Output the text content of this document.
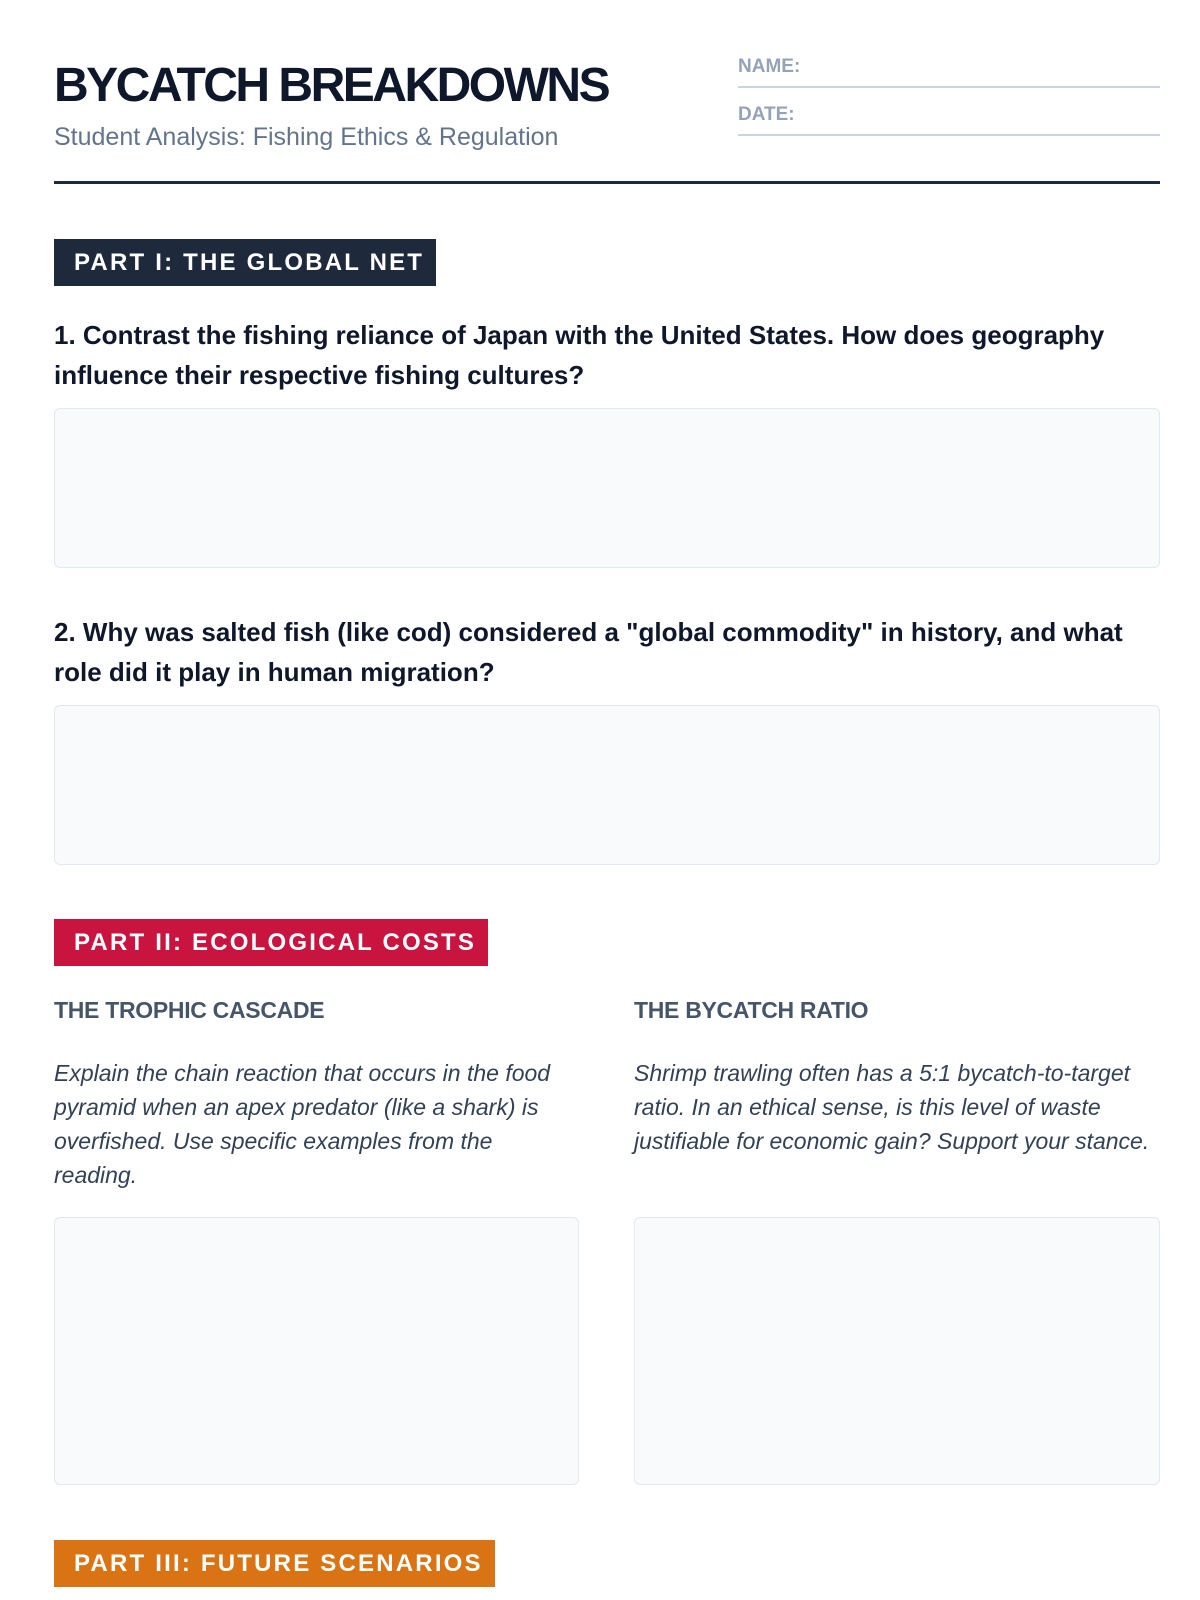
BYCATCH BREAKDOWNS
Student Analysis: Fishing Ethics & Regulation
NAME:
DATE:
PART I: THE GLOBAL NET
1. Contrast the fishing reliance of Japan with the United States. How does geography influence their respective fishing cultures?
2. Why was salted fish (like cod) considered a "global commodity" in history, and what role did it play in human migration?
PART II: ECOLOGICAL COSTS
THE TROPHIC CASCADE
Explain the chain reaction that occurs in the food pyramid when an apex predator (like a shark) is overfished. Use specific examples from the reading.
THE BYCATCH RATIO
Shrimp trawling often has a 5:1 bycatch-to-target ratio. In an ethical sense, is this level of waste justifiable for economic gain? Support your stance.
PART III: FUTURE SCENARIOS
